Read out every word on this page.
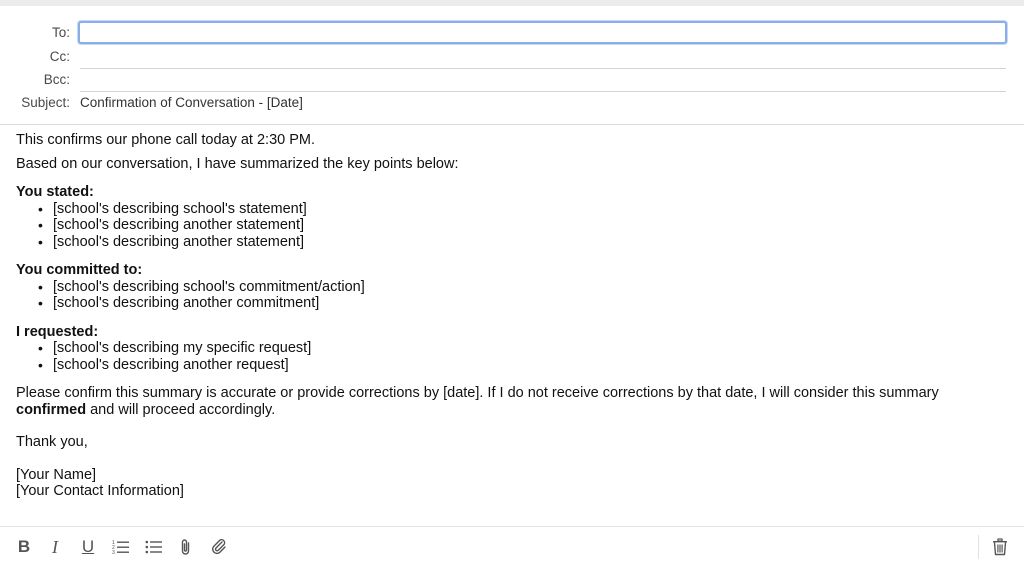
To:
Cc:
Bcc:
Subject: Confirmation of Conversation - [Date]

This confirms our phone call today at 2:30 PM.

Based on our conversation, I have summarized the key points below:

You stated:

• [school's describing school's statement]
• [school's describing another statement]
• [school's describing another statement]

You committed to:

• [school's describing school's commitment/action]
• [school's describing another commitment]

I requested:

• [school's describing my specific request]
• [school's describing another request]

Please confirm this summary is accurate or provide corrections by [date]. If I do not receive corrections by that date, I will consider this summary
confirmed and will proceed accordingly.

Thank you,

[Your Name]

[Your Contact Information]

B I U	1
2
3
